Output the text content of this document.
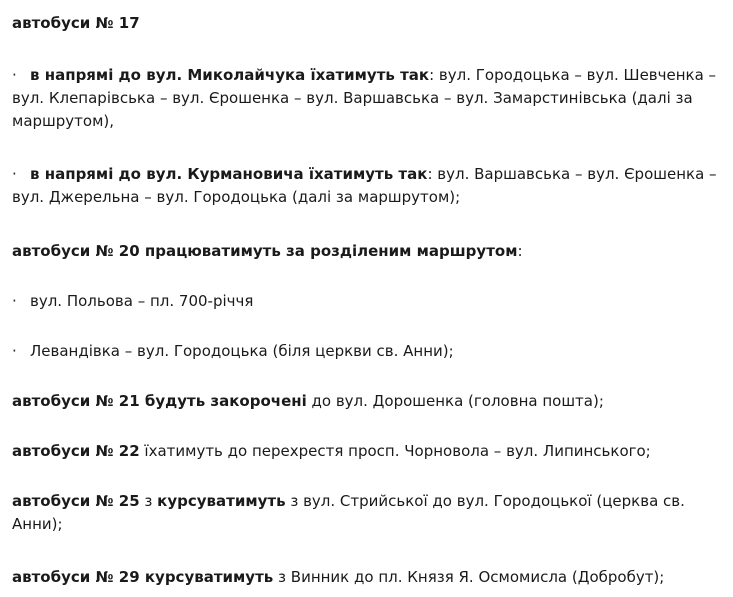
автобуси № 17
· в напрямі до вул. Миколайчука їхатимуть так: вул. Городоцька – вул. Шевченка – вул. Клепарівська – вул. Єрошенка – вул. Варшавська – вул. Замарстинівська (далі за маршрутом),
· в напрямі до вул. Курмановича їхатимуть так: вул. Варшавська – вул. Єрошенка – вул. Джерельна – вул. Городоцька (далі за маршрутом);
автобуси № 20 працюватимуть за розділеним маршрутом:
· вул. Польова – пл. 700-річчя
· Левандівка – вул. Городоцька (біля церкви св. Анни);
автобуси № 21 будуть закорочені до вул. Дорошенка (головна пошта);
автобуси № 22 їхатимуть до перехрестя просп. Чорновола – вул. Липинського;
автобуси № 25 з курсуватимуть з вул. Стрийської до вул. Городоцької (церква св. Анни);
автобуси № 29 курсуватимуть з Винник до пл. Князя Я. Осмомисла (Добробут);
